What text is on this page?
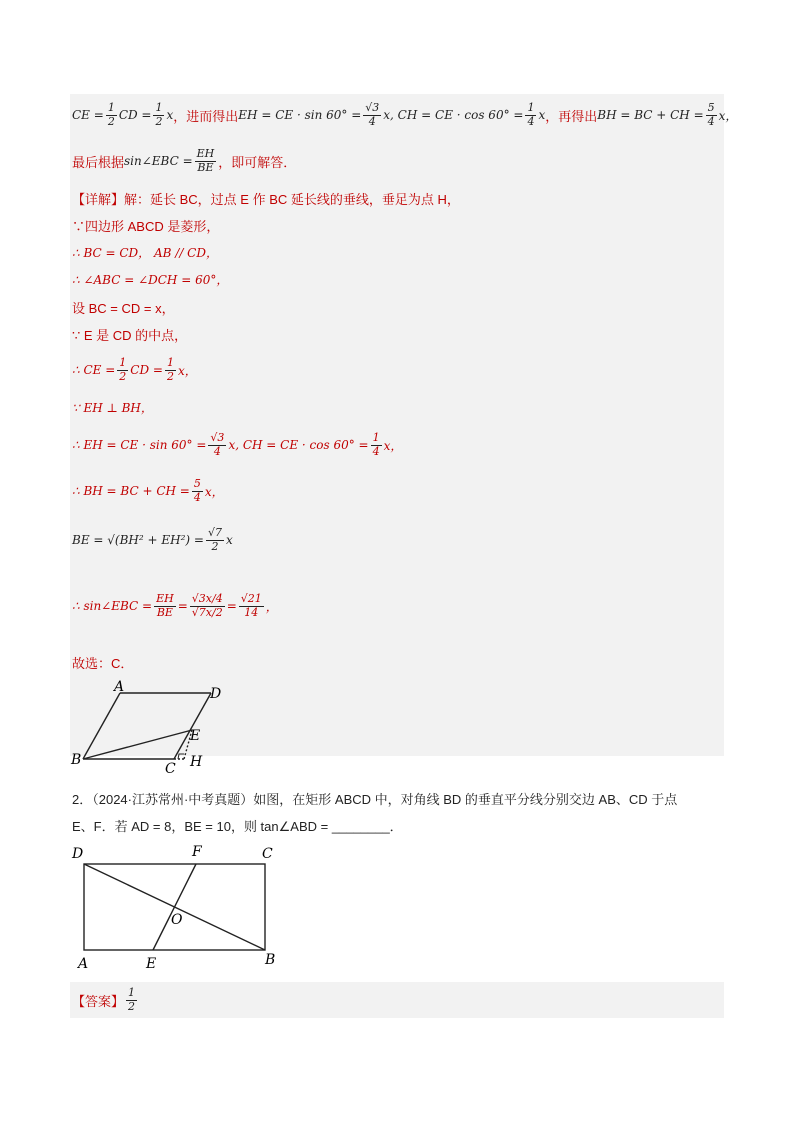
CE = $\frac{1}{2}$ CD = $\frac{1}{2}$ x ，进而得出 EH = CE · $\sin 60^\circ = \frac{√3}{4} x$, CH = CE · $\cos 60^\circ = \frac{1}{4}$ x ，再得出 BH = BC + CH = $\frac{5}{4}$ x，
最后根据 sin∠EBC = $\frac{EH}{BE}$ ，即可解答．
【详解】 解：延长 BC，过点 E 作 BC 延长线的垂线，垂足为点 H，
∵四边形 ABCD 是菱形，
∴ BC = CD， AB // CD，
∴ ∠ABC = ∠DCH = 60°，
设 BC = CD = x，
∵ E 是 CD 的中点，
∴ CE = $\frac{1}{2}$ CD = $\frac{1}{2}$ x，
∵ EH ⊥ BH，
∴ EH = CE · $\sin 60^\circ = \frac{√3}{4} x$, CH = CE · $\cos 60^\circ = \frac{1}{4}$ x，
∴ BH = BC + CH = $\frac{5}{4}$ x，
BE = $√(BH^2 + EH^2) = \frac{√7}{2}$ x
∴ sin∠EBC = $\frac{EH}{BE} = \frac{√3x/4}{√7x/2} = \frac{√21}{14}$ ，
故选：C．
A	D
B
E
C H
2．（2024·江苏常州·中考真题）如图，在矩形 ABCD 中，对角线 BD 的垂直平分线分别交边 AB、CD 于点
E、F．若 AD = 8，BE = 10，则 tan∠ABD = ________．
D	F	C
O
A	E	B
【答案】 $\frac{1}{2}$
